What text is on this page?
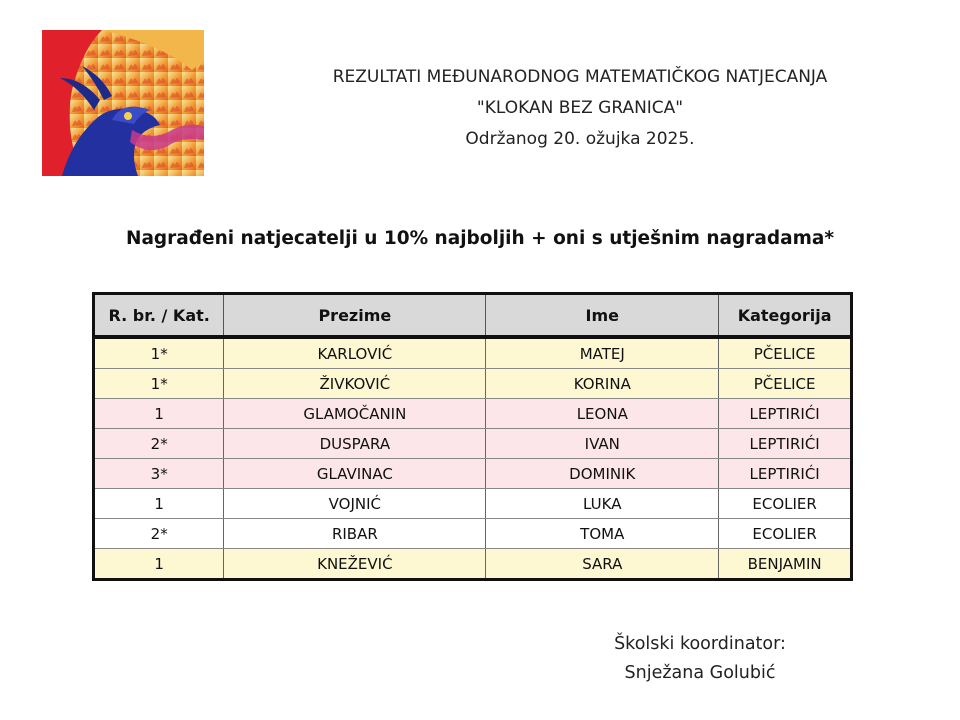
REZULTATI MEĐUNARODNOG MATEMATIČKOG NATJECANJA
"KLOKAN BEZ GRANICA"
Održanog 20. ožujka 2025.
Nagrađeni natjecatelji u 10% najboljih + oni s utješnim nagradama*
R. br. / Kat.	Prezime	Ime	Kategorija
1*	KARLOVIĆ	MATEJ	PČELICE
1*	ŽIVKOVIĆ	KORINA	PČELICE
1	GLAMOČANIN	LEONA	LEPTIRIĆI
2*	DUSPARA	IVAN	LEPTIRIĆI
3*	GLAVINAC	DOMINIK	LEPTIRIĆI
1	VOJNIĆ	LUKA	ECOLIER
2*	RIBAR	TOMA	ECOLIER
1	KNEŽEVIĆ	SARA	BENJAMIN
Školski koordinator:
Snježana Golubić
